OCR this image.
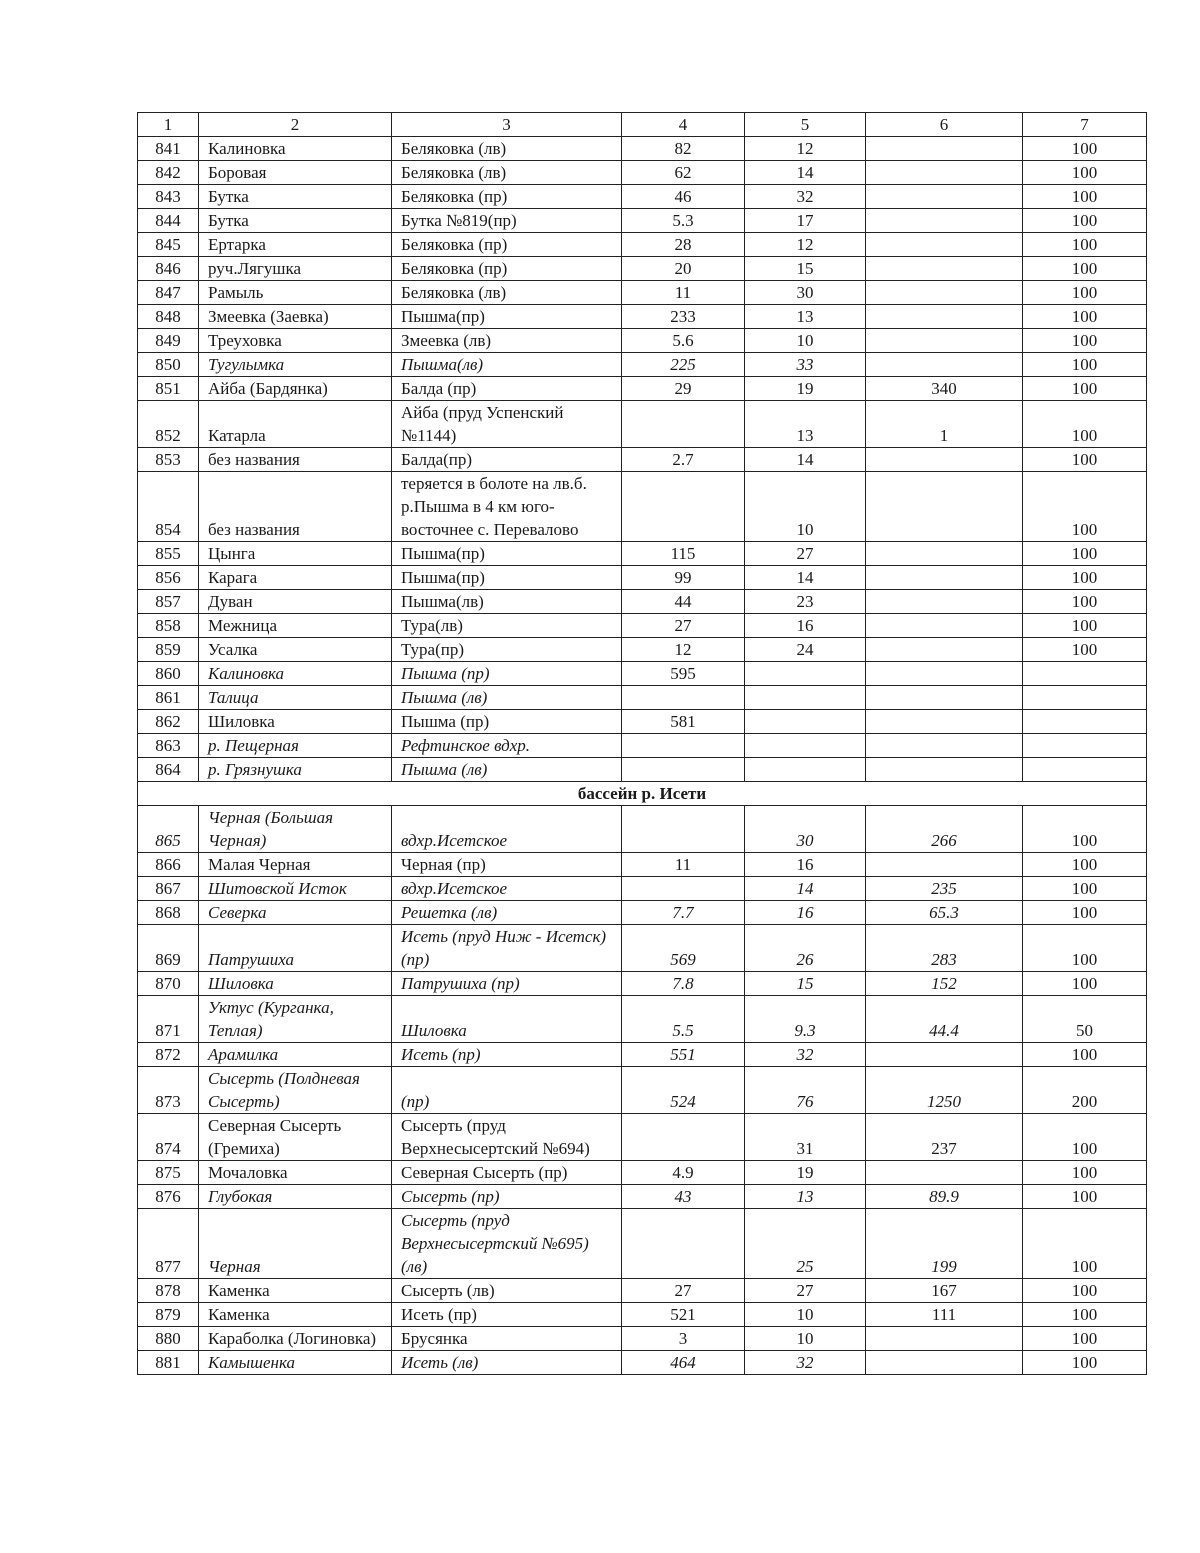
1	2	3	4	5	6	7
841	Калиновка	Беляковка (лв)	82	12		100
842	Боровая	Беляковка (лв)	62	14		100
843	Бутка	Беляковка (пр)	46	32		100
844	Бутка	Бутка №819(пр)	5.3	17		100
845	Ертарка	Беляковка (пр)	28	12		100
846	руч.Лягушка	Беляковка (пр)	20	15		100
847	Рамыль	Беляковка (лв)	11	30		100
848	Змеевка (Заевка)	Пышма(пр)	233	13		100
849	Треуховка	Змеевка (лв)	5.6	10		100
850	Тугулымка	Пышма(лв)	225	33		100
851	Айба (Бардянка)	Балда (пр)	29	19	340	100
852	Катарла	Айба (пруд Успенский №1144)		13	1	100
853	без названия	Балда(пр)	2.7	14		100
854	без названия	теряется в болоте на лв.б. р.Пышма в 4 км юго-восточнее с. Перевалово		10		100
855	Цынга	Пышма(пр)	115	27		100
856	Карага	Пышма(пр)	99	14		100
857	Дуван	Пышма(лв)	44	23		100
858	Межница	Тура(лв)	27	16		100
859	Усалка	Тура(пр)	12	24		100
860	Калиновка	Пышма (пр)	595			
861	Талица	Пышма (лв)				
862	Шиловка	Пышма (пр)	581			
863	р. Пещерная	Рефтинское вдхр.				
864	р. Грязнушка	Пышма (лв)				
бассейн р. Исети						
865	Черная (Большая Черная)	вдхр.Исетское		30	266	100
866	Малая Черная	Черная (пр)	11	16		100
867	Шитовской Исток	вдхр.Исетское		14	235	100
868	Северка	Решетка (лв)	7.7	16	65.3	100
869	Патрушиха	Исеть (пруд Ниж - Исетск) (пр)	569	26	283	100
870	Шиловка	Патрушиха (пр)	7.8	15	152	100
871	Уктус (Курганка, Теплая)	Шиловка	5.5	9.3	44.4	50
872	Арамилка	Исеть (пр)	551	32		100
873	Сысерть (Полдневая Сысерть)	(пр)	524	76	1250	200
874	Северная Сысерть (Гремиха)	Сысерть (пруд Верхнесысертский №694)		31	237	100
875	Мочаловка	Северная Сысерть (пр)	4.9	19		100
876	Глубокая	Сысерть (пр)	43	13	89.9	100
877	Черная	Сысерть (пруд Верхнесысертский №695) (лв)		25	199	100
878	Каменка	Сысерть (лв)	27	27	167	100
879	Каменка	Исеть (пр)	521	10	111	100
880	Караболка (Логиновка)	Брусянка	3	10		100
881	Камышенка	Исеть (лв)	464	32		100
